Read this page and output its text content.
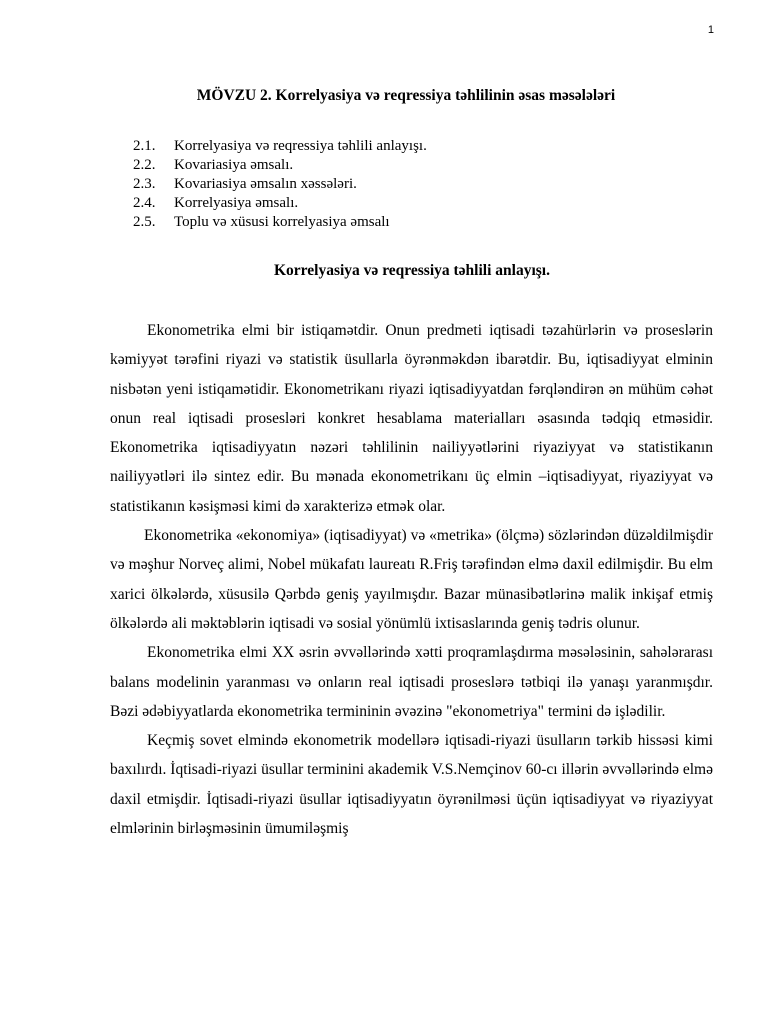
1
MÖVZU 2. Korrelyasiya və reqressiya təhlilinin əsas məsələləri
2.1.	Korrelyasiya və reqressiya təhlili anlayışı.
2.2.	Kovariasiya əmsalı.
2.3.	Kovariasiya əmsalın xəssələri.
2.4.	Korrelyasiya əmsalı.
2.5.	Toplu və xüsusi korrelyasiya əmsalı
Korrelyasiya və reqressiya təhlili anlayışı.

Ekonometrika elmi bir istiqamətdir. Onun predmeti iqtisadi təzahürlərin və proseslərin kəmiyyət tərəfini riyazi və statistik üsullarla öyrənməkdən ibarətdir. Bu, iqtisadiyyat elminin nisbətən yeni istiqamətidir. Ekonometrikanı riyazi iqtisadiyyatdan fərqləndirən ən mühüm cəhət onun real iqtisadi prosesləri konkret hesablama materialları əsasında tədqiq etməsidir. Ekonometrika iqtisadiyyatın nəzəri təhlilinin nailiyyətlərini riyaziyyat və statistikanın nailiyyətləri ilə sintez edir. Bu mənada ekonometrikanı üç elmin –iqtisadiyyat, riyaziyyat və statistikanın kəsişməsi kimi də xarakterizə etmək olar.

Ekonometrika «ekonomiya» (iqtisadiyyat) və «metrika» (ölçmə) sözlərindən düzəldilmişdir və məşhur Norveç alimi, Nobel mükafatı laureatı R.Friş tərəfindən elmə daxil edilmişdir. Bu elm xarici ölkələrdə, xüsusilə Qərbdə geniş yayılmışdır. Bazar münasibətlərinə malik inkişaf etmiş ölkələrdə ali məktəblərin iqtisadi və sosial yönümlü ixtisaslarında geniş tədris olunur.

Ekonometrika elmi XX əsrin əvvəllərində xətti proqramlaşdırma məsələsinin, sahələrarası balans modelinin yaranması və onların real iqtisadi proseslərə tətbiqi ilə yanaşı yaranmışdır. Bəzi ədəbiyyatlarda ekonometrika termininin əvəzinə "ekonometriya" termini də işlədilir.

Keçmiş sovet elmində ekonometrik modellərə iqtisadi-riyazi üsulların tərkib hissəsi kimi baxılırdı. İqtisadi-riyazi üsullar terminini akademik V.S.Nemçinov 60-cı illərin əvvəllərində elmə daxil etmişdir. İqtisadi-riyazi üsullar iqtisadiyyatın öyrənilməsi üçün iqtisadiyyat və riyaziyyat elmlərinin birləşməsinin ümumiləşmiş
